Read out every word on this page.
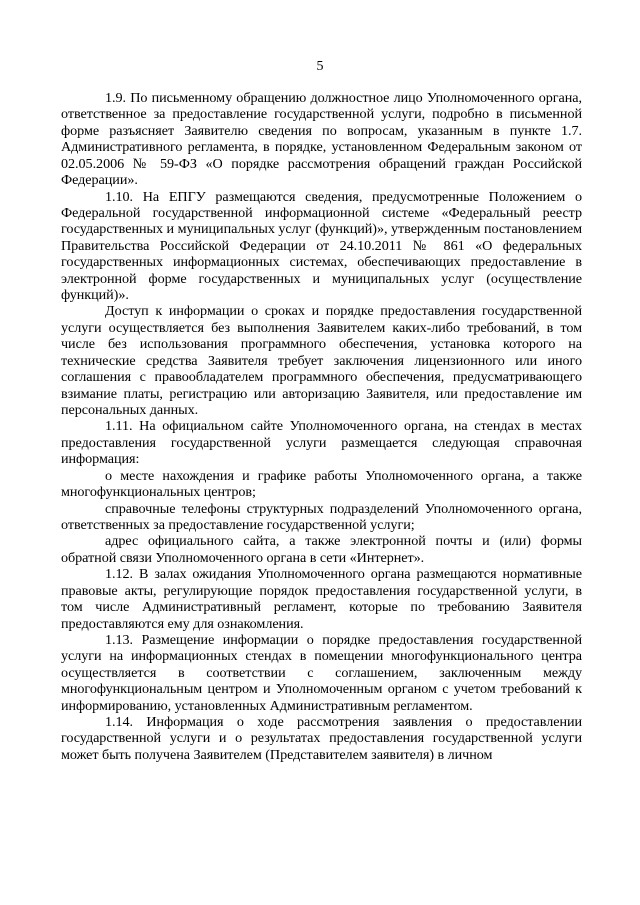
5

1.9. По письменному обращению должностное лицо Уполномоченного органа, ответственное за предоставление государственной услуги, подробно в письменной форме разъясняет Заявителю сведения по вопросам, указанным в пункте 1.7. Административного регламента, в порядке, установленном Федеральным законом от 02.05.2006 № 59-ФЗ «О порядке рассмотрения обращений граждан Российской Федерации».

1.10. На ЕПГУ размещаются сведения, предусмотренные Положением о Федеральной государственной информационной системе «Федеральный реестр государственных и муниципальных услуг (функций)», утвержденным постановлением Правительства Российской Федерации от 24.10.2011 № 861 «О федеральных государственных информационных системах, обеспечивающих предоставление в электронной форме государственных и муниципальных услуг (осуществление функций)».

Доступ к информации о сроках и порядке предоставления государственной услуги осуществляется без выполнения Заявителем каких-либо требований, в том числе без использования программного обеспечения, установка которого на технические средства Заявителя требует заключения лицензионного или иного соглашения с правообладателем программного обеспечения, предусматривающего взимание платы, регистрацию или авторизацию Заявителя, или предоставление им персональных данных.

1.11. На официальном сайте Уполномоченного органа, на стендах в местах предоставления государственной услуги размещается следующая справочная информация:

о месте нахождения и графике работы Уполномоченного органа, а также многофункциональных центров;

справочные телефоны структурных подразделений Уполномоченного органа, ответственных за предоставление государственной услуги;

адрес официального сайта, а также электронной почты и (или) формы обратной связи Уполномоченного органа в сети «Интернет».

1.12. В залах ожидания Уполномоченного органа размещаются нормативные правовые акты, регулирующие порядок предоставления государственной услуги, в том числе Административный регламент, которые по требованию Заявителя предоставляются ему для ознакомления.

1.13. Размещение информации о порядке предоставления государственной услуги на информационных стендах в помещении многофункционального центра осуществляется в соответствии с соглашением, заключенным между многофункциональным центром и Уполномоченным органом с учетом требований к информированию, установленных Административным регламентом.

1.14. Информация о ходе рассмотрения заявления о предоставлении государственной услуги и о результатах предоставления государственной услуги может быть получена Заявителем (Представителем заявителя) в личном
